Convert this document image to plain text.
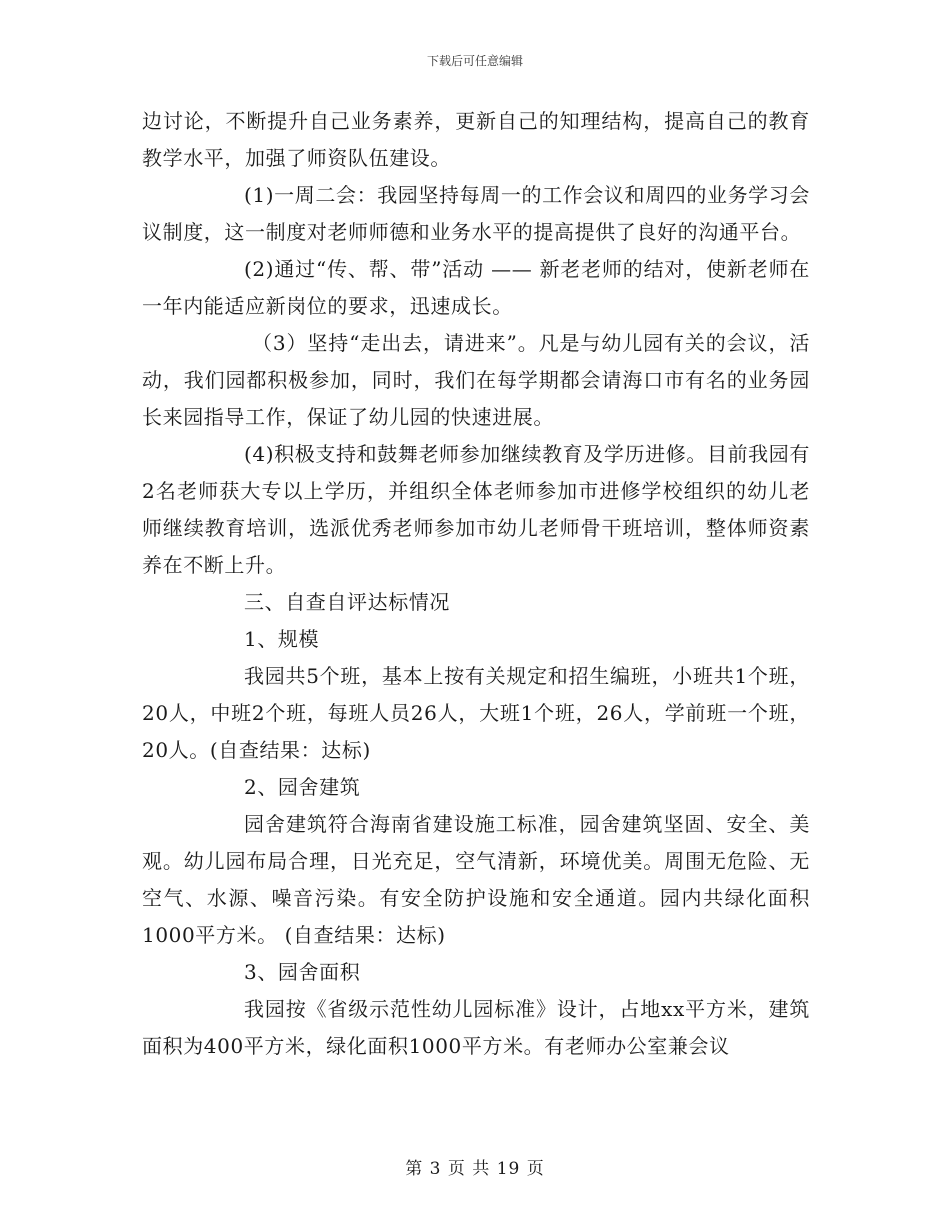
下载后可任意编辑

边讨论，不断提升自己业务素养，更新自己的知理结构，提高自己的教育教学水平，加强了师资队伍建设。

(1)一周二会：我园坚持每周一的工作会议和周四的业务学习会议制度，这一制度对老师师德和业务水平的提高提供了良好的沟通平台。

(2)通过“传、帮、带”活动 —— 新老老师的结对，使新老师在一年内能适应新岗位的要求，迅速成长。

（3）坚持“走出去，请进来”。凡是与幼儿园有关的会议，活动，我们园都积极参加，同时，我们在每学期都会请海口市有名的业务园长来园指导工作，保证了幼儿园的快速进展。

(4)积极支持和鼓舞老师参加继续教育及学历进修。目前我园有2名老师获大专以上学历，并组织全体老师参加市进修学校组织的幼儿老师继续教育培训，选派优秀老师参加市幼儿老师骨干班培训，整体师资素养在不断上升。

三、自查自评达标情况

1、规模

我园共5个班，基本上按有关规定和招生编班，小班共1个班，20人，中班2个班，每班人员26人，大班1个班，26人，学前班一个班，20人。(自查结果：达标)

2、园舍建筑

园舍建筑符合海南省建设施工标准，园舍建筑坚固、安全、美观。幼儿园布局合理，日光充足，空气清新，环境优美。周围无危险、无空气、水源、噪音污染。有安全防护设施和安全通道。园内共绿化面积1000平方米。 (自查结果：达标)

3、园舍面积

我园按《省级示范性幼儿园标准》设计，占地xx平方米，建筑面积为400平方米，绿化面积1000平方米。有老师办公室兼会议

第 3 页 共 19 页
